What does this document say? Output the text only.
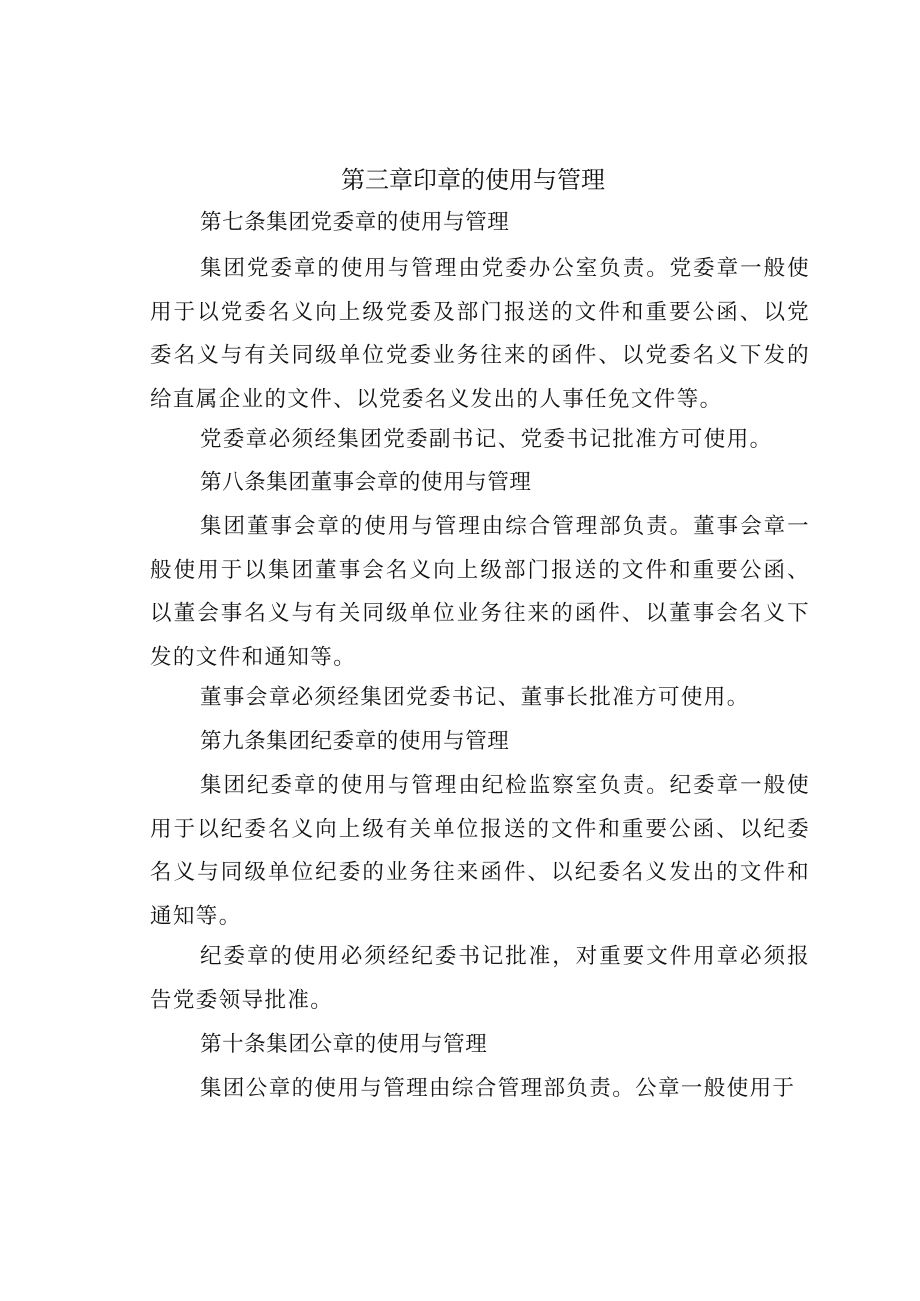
第三章印章的使用与管理

第七条集团党委章的使用与管理

集团党委章的使用与管理由党委办公室负责。党委章一般使用于以党委名义向上级党委及部门报送的文件和重要公函、以党委名义与有关同级单位党委业务往来的函件、以党委名义下发的给直属企业的文件、以党委名义发出的人事任免文件等。

党委章必须经集团党委副书记、党委书记批准方可使用。

第八条集团董事会章的使用与管理

集团董事会章的使用与管理由综合管理部负责。董事会章一般使用于以集团董事会名义向上级部门报送的文件和重要公函、以董会事名义与有关同级单位业务往来的函件、以董事会名义下发的文件和通知等。

董事会章必须经集团党委书记、董事长批准方可使用。

第九条集团纪委章的使用与管理

集团纪委章的使用与管理由纪检监察室负责。纪委章一般使用于以纪委名义向上级有关单位报送的文件和重要公函、以纪委名义与同级单位纪委的业务往来函件、以纪委名义发出的文件和通知等。

纪委章的使用必须经纪委书记批准，对重要文件用章必须报告党委领导批准。

第十条集团公章的使用与管理

集团公章的使用与管理由综合管理部负责。公章一般使用于
